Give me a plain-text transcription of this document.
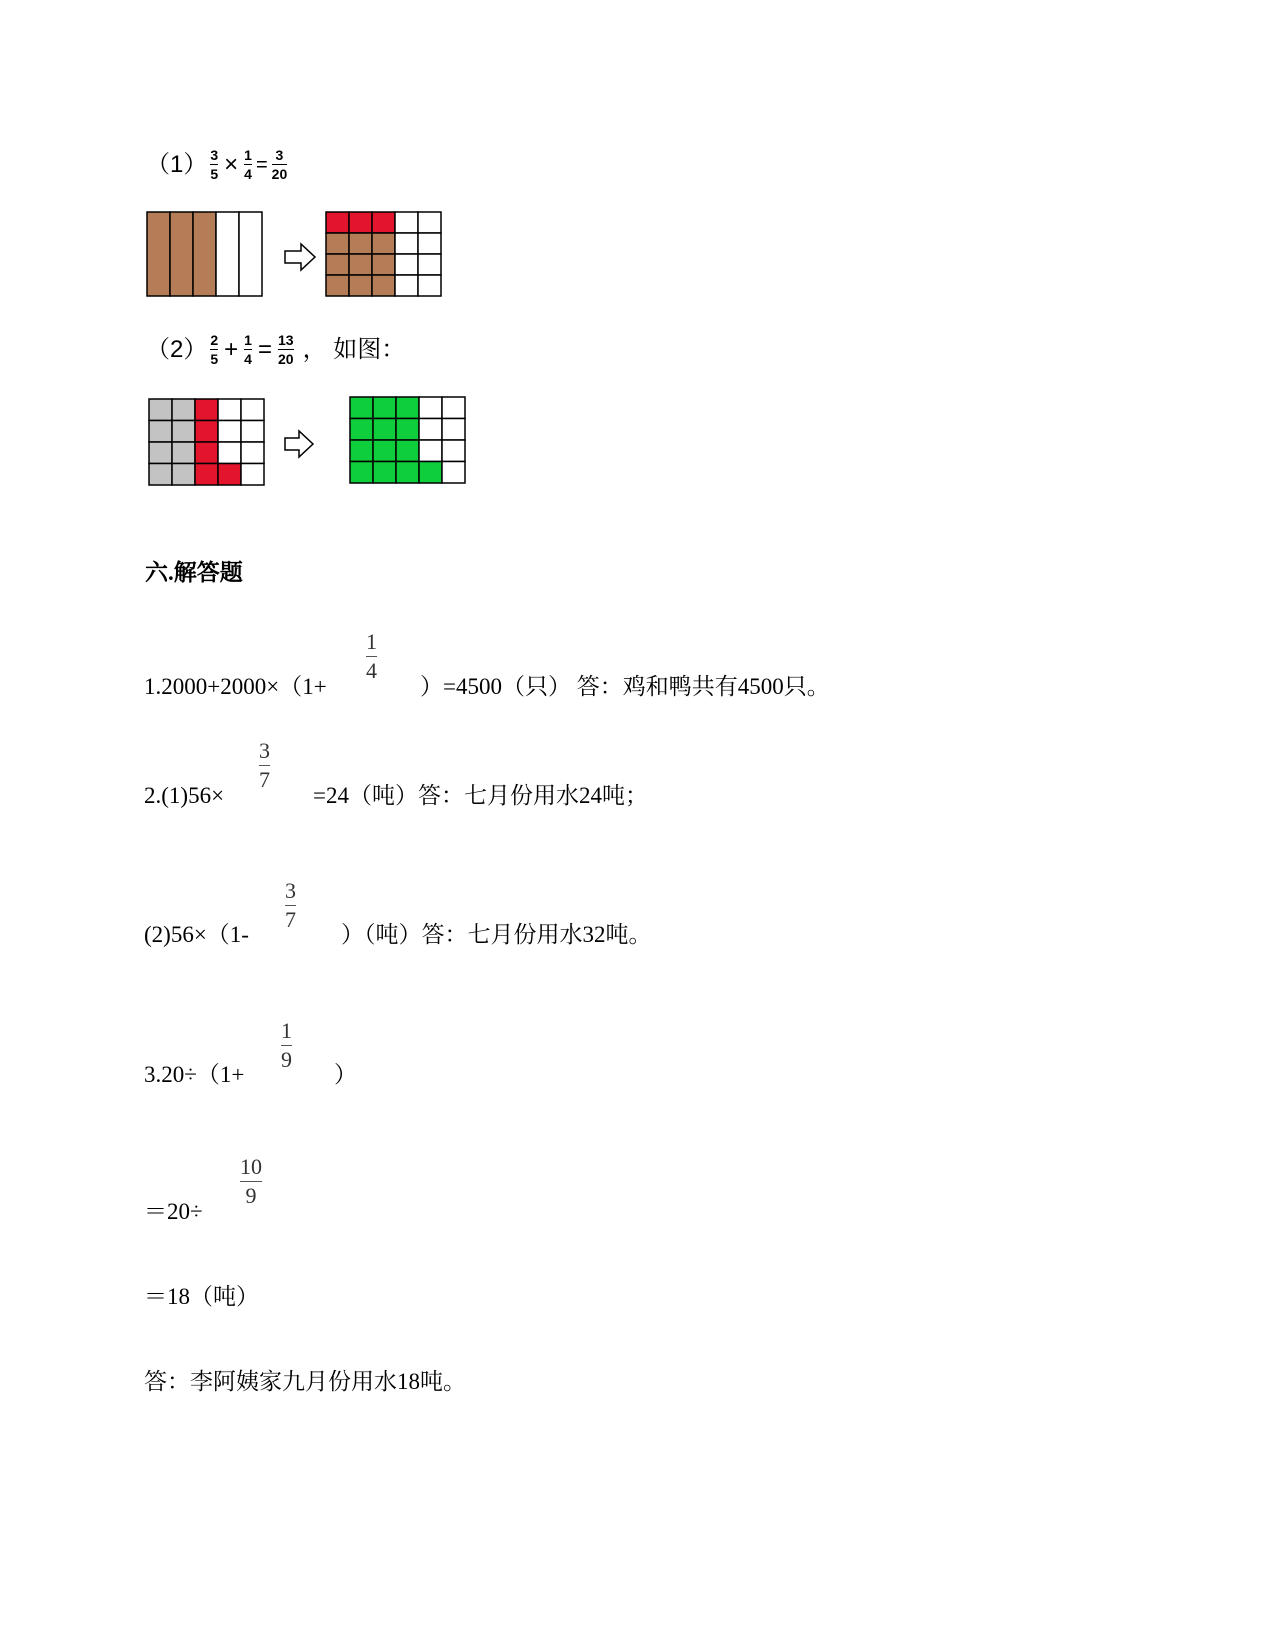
（1） 3
5 × 1
4 = 3
20
（2） 2
5 + 1
4 = 13
20 ， 如图：
六.解答题
1.2000+2000×（1+
1
4
）=4500（只） 答：鸡和鸭共有4500只。
2.(1)56×
3
7
=24（吨）答：七月份用水24吨；
(2)56×（1-
3
7
）（吨）答：七月份用水32吨。
3.20÷（1+
1
9
）
＝20÷
10
9
＝18（吨）
答：李阿姨家九月份用水18吨。
